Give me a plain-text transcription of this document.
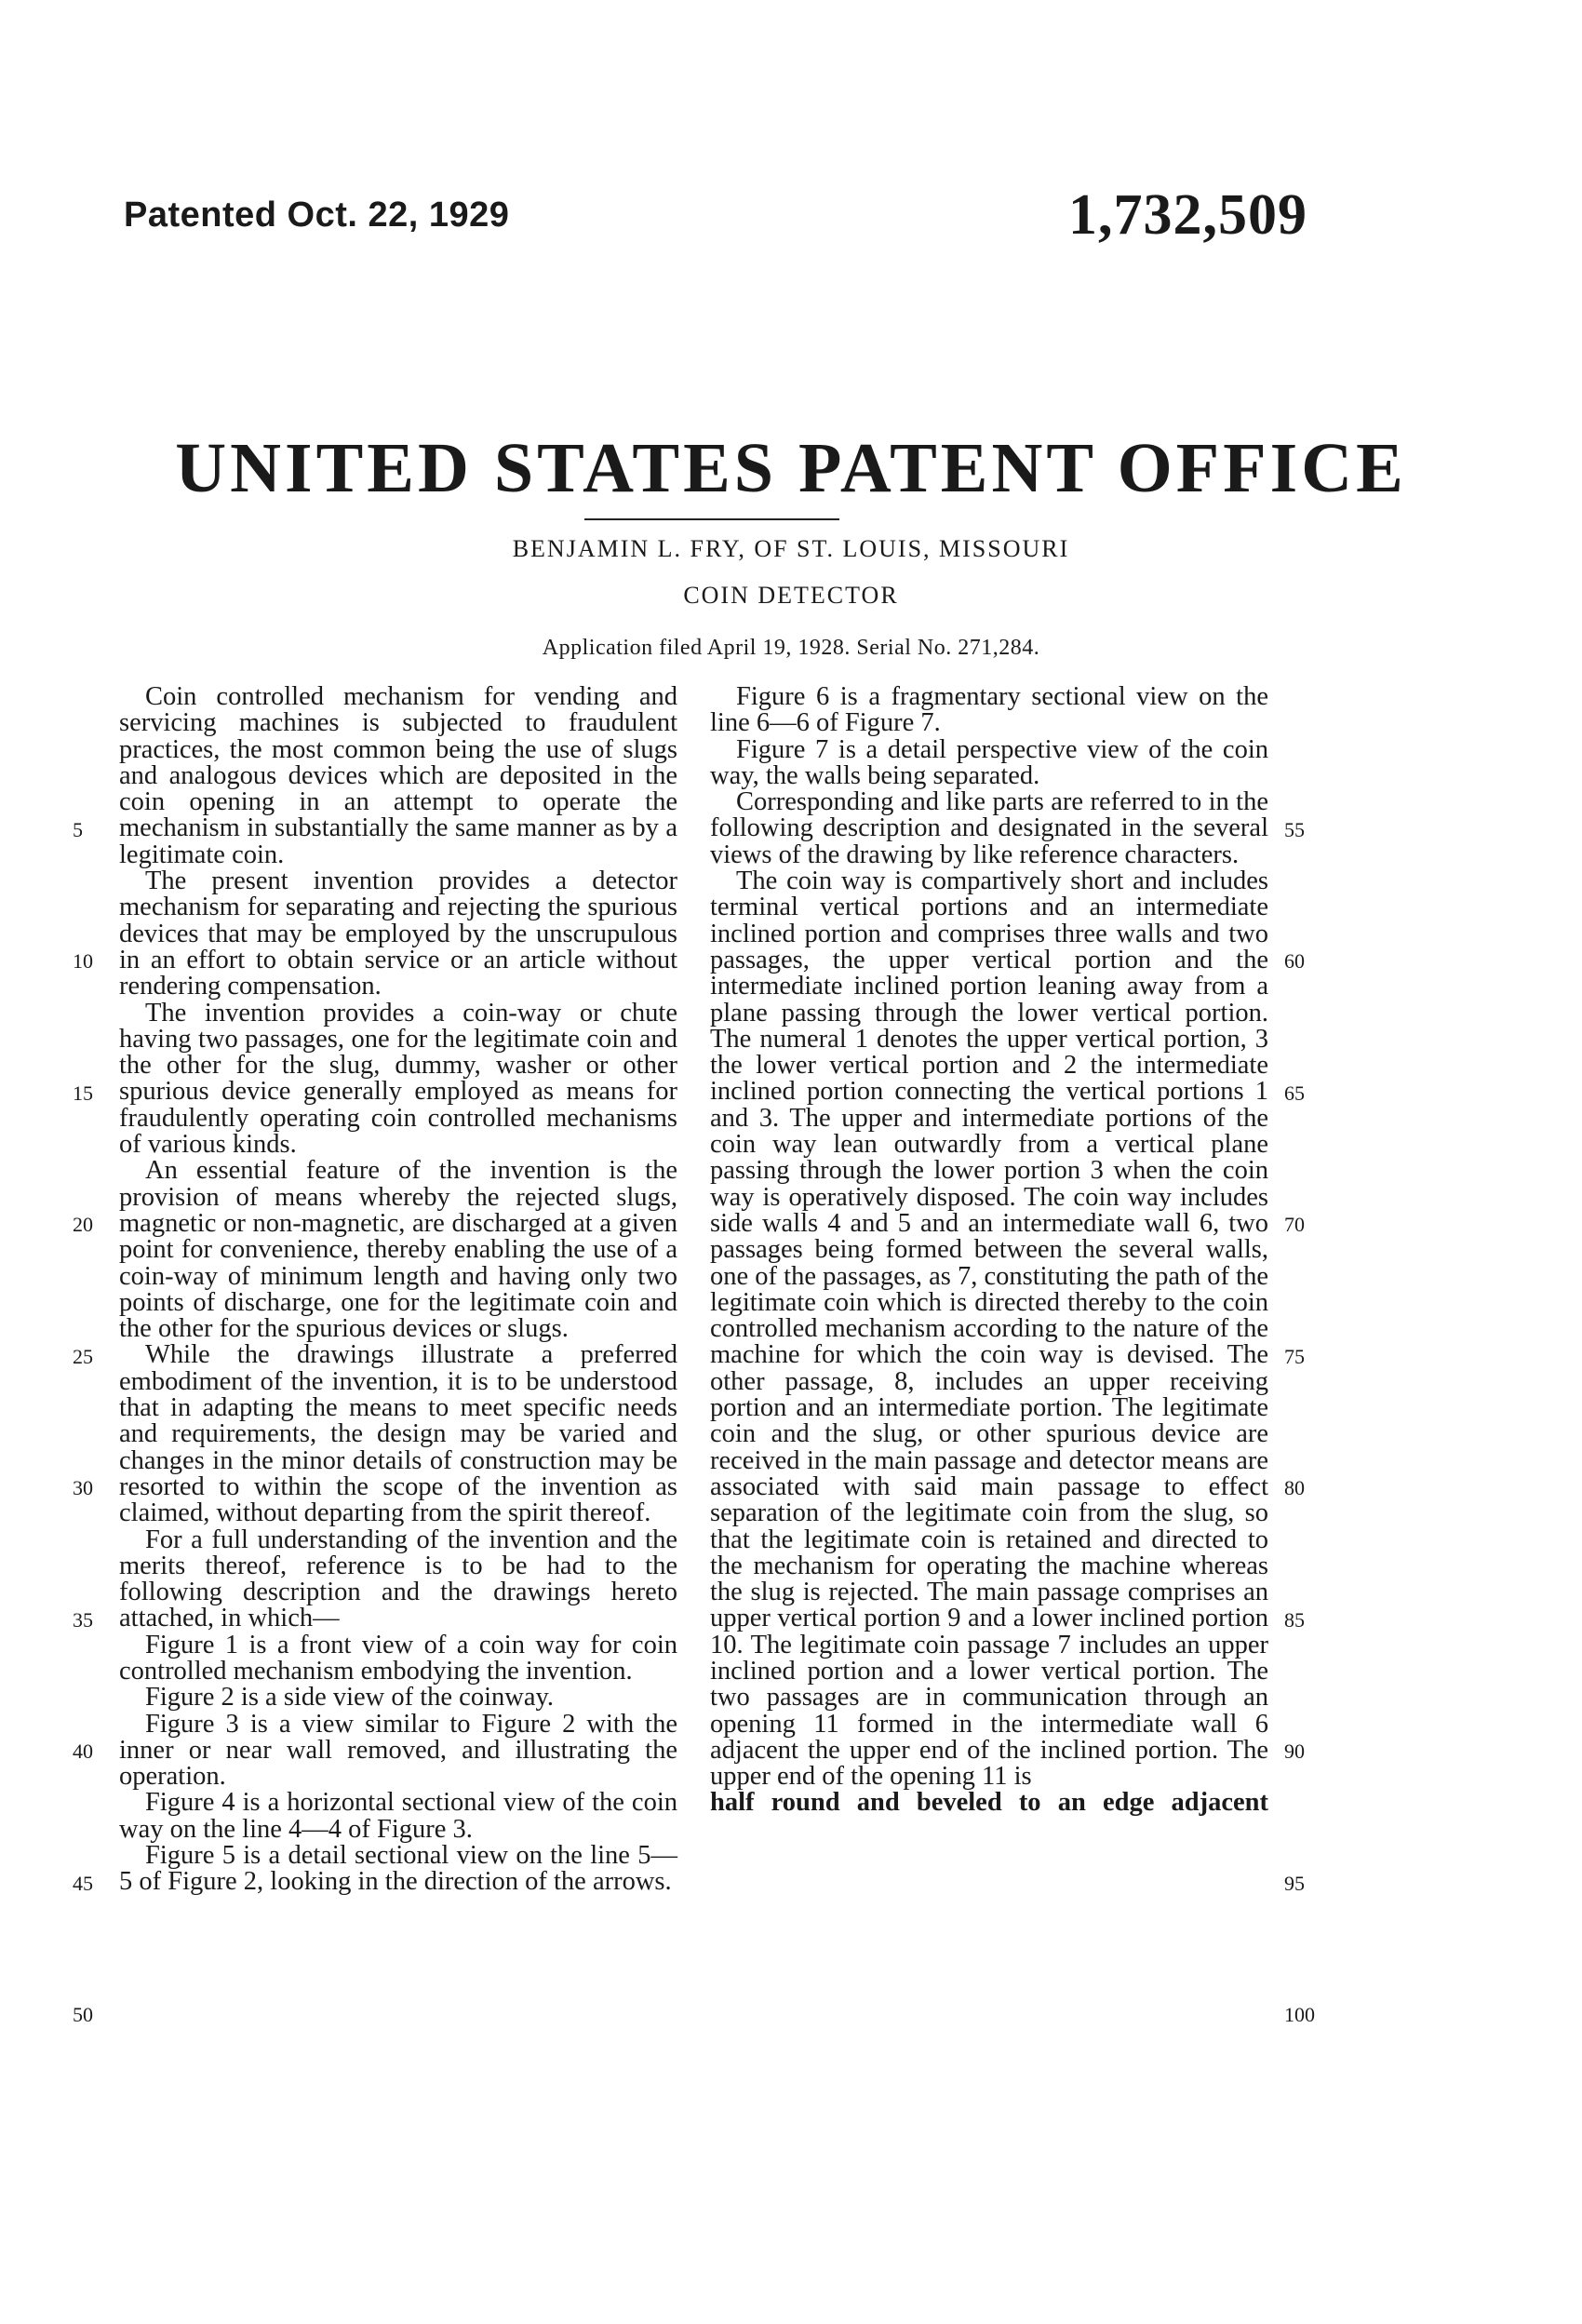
Patented Oct. 22, 1929	1,732,509
UNITED STATES PATENT OFFICE
BENJAMIN L. FRY, OF ST. LOUIS, MISSOURI
COIN DETECTOR
Application filed April 19, 1928. Serial No. 271,284.

Coin controlled mechanism for vending and servicing machines is subjected to fraudulent practices, the most common being the use of slugs and analogous devices which are deposited in the coin opening in an attempt to operate the mechanism in substantially the same manner as by a legitimate coin.

The present invention provides a detector mechanism for separating and rejecting the spurious devices that may be employed by the unscrupulous in an effort to obtain service or an article without rendering compensation.

The invention provides a coin-way or chute having two passages, one for the legitimate coin and the other for the slug, dummy, washer or other spurious device generally employed as means for fraudulently operating coin controlled mechanisms of various kinds.

An essential feature of the invention is the provision of means whereby the rejected slugs, magnetic or non-magnetic, are discharged at a given point for convenience, thereby enabling the use of a coin-way of minimum length and having only two points of discharge, one for the legitimate coin and the other for the spurious devices or slugs.

While the drawings illustrate a preferred embodiment of the invention, it is to be understood that in adapting the means to meet specific needs and requirements, the design may be varied and changes in the minor details of construction may be resorted to within the scope of the invention as claimed, without departing from the spirit thereof.

For a full understanding of the invention and the merits thereof, reference is to be had to the following description and the drawings hereto attached, in which—

Figure 1 is a front view of a coin way for coin controlled mechanism embodying the invention.

Figure 2 is a side view of the coinway.

Figure 3 is a view similar to Figure 2 with the inner or near wall removed, and illustrating the operation.

Figure 4 is a horizontal sectional view of the coin way on the line 4—4 of Figure 3.

Figure 5 is a detail sectional view on the line 5—5 of Figure 2, looking in the direction of the arrows.

Figure 6 is a fragmentary sectional view on the line 6—6 of Figure 7.

Figure 7 is a detail perspective view of the coin way, the walls being separated.

Corresponding and like parts are referred to in the following description and designated in the several views of the drawing by like reference characters.

The coin way is compartively short and includes terminal vertical portions and an intermediate inclined portion and comprises three walls and two passages, the upper vertical portion and the intermediate inclined portion leaning away from a plane passing through the lower vertical portion. The numeral 1 denotes the upper vertical portion, 3 the lower vertical portion and 2 the intermediate inclined portion connecting the vertical portions 1 and 3. The upper and intermediate portions of the coin way lean outwardly from a vertical plane passing through the lower portion 3 when the coin way is operatively disposed. The coin way includes side walls 4 and 5 and an intermediate wall 6, two passages being formed between the several walls, one of the passages, as 7, constituting the path of the legitimate coin which is directed thereby to the coin controlled mechanism according to the nature of the machine for which the coin way is devised. The other passage, 8, includes an upper receiving portion and an intermediate portion. The legitimate coin and the slug, or other spurious device are received in the main passage and detector means are associated with said main passage to effect separation of the legitimate coin from the slug, so that the legitimate coin is retained and directed to the mechanism for operating the machine whereas the slug is rejected. The main passage comprises an upper vertical portion 9 and a lower inclined portion 10. The legitimate coin passage 7 includes an upper inclined portion and a lower vertical portion. The two passages are in communication through an opening 11 formed in the intermediate wall 6 adjacent the upper end of the inclined portion. The upper end of the opening 11 is

half round and beveled to an edge adjacent

5
10
15
20
25
30
35
40
45
50
55
60
65
70
75
80
85
90
95
100
